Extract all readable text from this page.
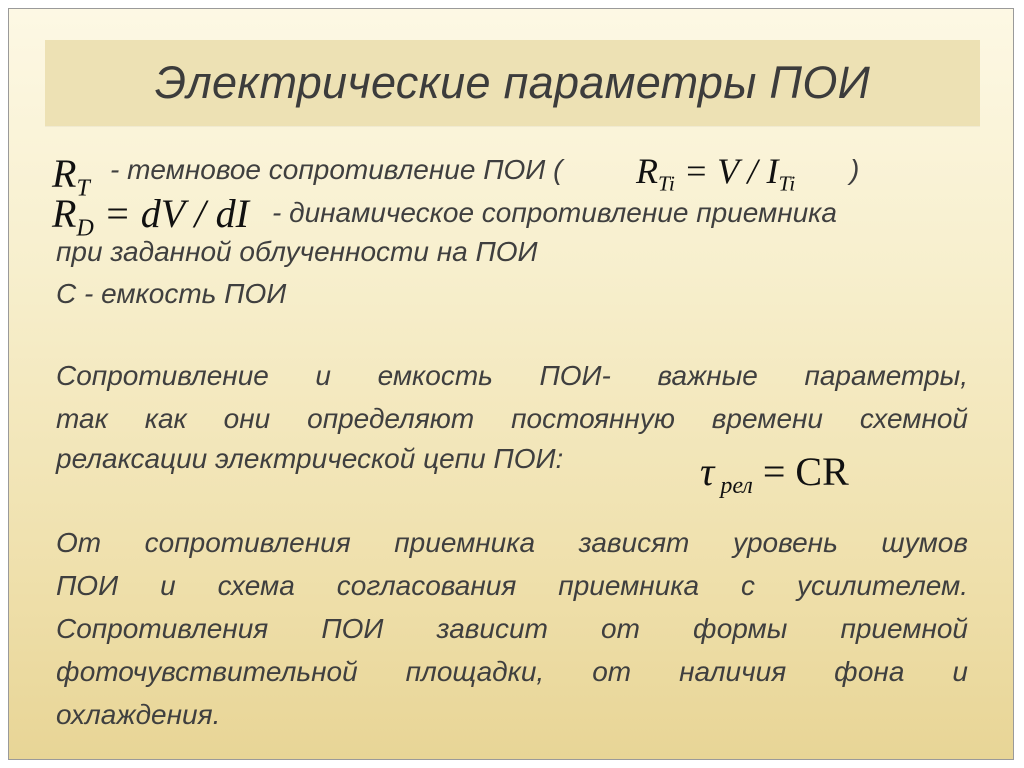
Электрические параметры ПОИ
$R_T$
- темновое сопротивление ПОИ ( $R_{Ti} = V / I_{Ti}$ )
$R_D$ = dV / dI - динамическое сопротивление приемника
при заданной облученности на ПОИ
С - емкость ПОИ

Сопротивление и емкость ПОИ- важные параметры,

так как они определяют постоянную времени схемной

релаксации электрической цепи ПОИ:	τ $_{рел}$ = CR

От сопротивления приемника зависят уровень шумов

ПОИ и схема согласования приемника с усилителем.

Сопротивления ПОИ зависит от формы приемной

фоточувствительной площадки, от наличия фона и

охлаждения.
